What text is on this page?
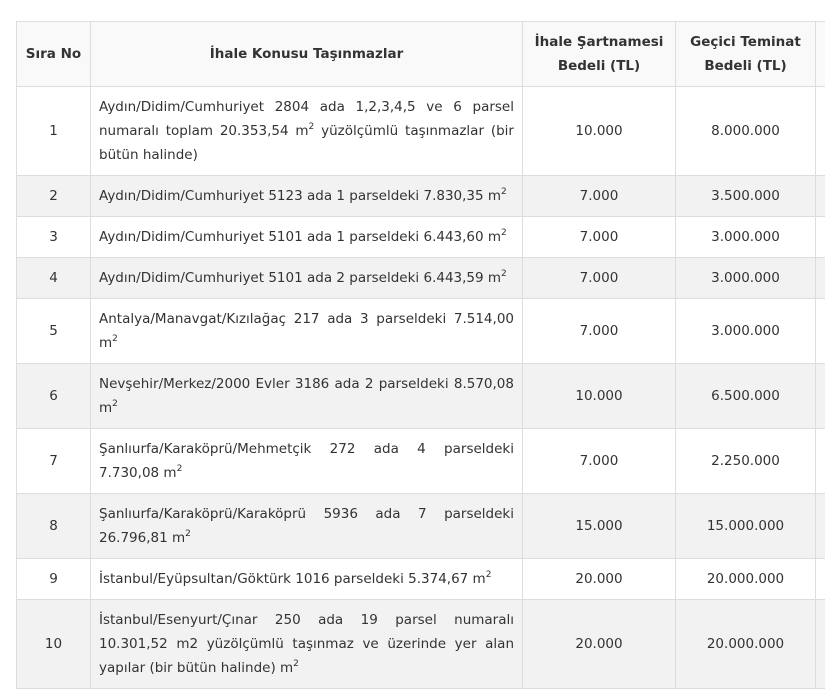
Sıra No	İhale Konusu Taşınmazlar	İhale Şartnamesi Bedeli (TL)	Geçici Teminat Bedeli (TL)	
1	Aydın/Didim/Cumhuriyet 2804 ada 1,2,3,4,5 ve 6 parsel numaralı toplam 20.353,54 $m^2$ yüzölçümlü taşınmazlar (bir bütün halinde)	10.000	8.000.000	
2	Aydın/Didim/Cumhuriyet 5123 ada 1 parseldeki 7.830,35 $m^2$	7.000	3.500.000	
3	Aydın/Didim/Cumhuriyet 5101 ada 1 parseldeki 6.443,60 $m^2$	7.000	3.000.000	
4	Aydın/Didim/Cumhuriyet 5101 ada 2 parseldeki 6.443,59 $m^2$	7.000	3.000.000	
5	Antalya/Manavgat/Kızılağaç 217 ada 3 parseldeki 7.514,00 $m^2$	7.000	3.000.000	
6	Nevşehir/Merkez/2000 Evler 3186 ada 2 parseldeki 8.570,08 $m^2$	10.000	6.500.000	
7	Şanlıurfa/Karaköprü/Mehmetçik 272 ada 4 parseldeki 7.730,08 $m^2$	7.000	2.250.000	
8	Şanlıurfa/Karaköprü/Karaköprü 5936 ada 7 parseldeki 26.796,81 $m^2$	15.000	15.000.000	
9	İstanbul/Eyüpsultan/Göktürk 1016 parseldeki 5.374,67 $m^2$	20.000	20.000.000	
10	İstanbul/Esenyurt/Çınar 250 ada 19 parsel numaralı 10.301,52 m2 yüzölçümlü taşınmaz ve üzerinde yer alan yapılar (bir bütün halinde) $m^2$	20.000	20.000.000	
